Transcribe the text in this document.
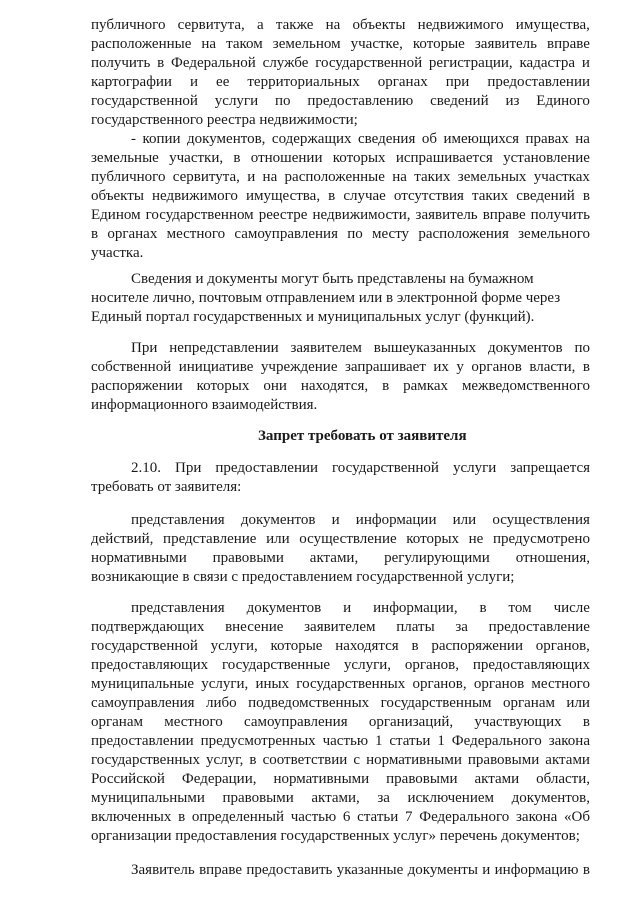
публичного сервитута, а также на объекты недвижимого имущества,
расположенные на таком земельном участке, которые заявитель вправе
получить в Федеральной службе государственной регистрации, кадастра и
картографии и ее территориальных органах при предоставлении
государственной услуги по предоставлению сведений из Единого
государственного реестра недвижимости;
- копии документов, содержащих сведения об имеющихся правах на
земельные участки, в отношении которых испрашивается установление
публичного сервитута, и на расположенные на таких земельных участках
объекты недвижимого имущества, в случае отсутствия таких сведений в
Едином государственном реестре недвижимости, заявитель вправе получить
в органах местного самоуправления по месту расположения земельного
участка.
Сведения и документы могут быть представлены на бумажном
носителе лично, почтовым отправлением или в электронной форме через
Единый портал государственных и муниципальных услуг (функций).
При непредставлении заявителем вышеуказанных документов по
собственной инициативе учреждение запрашивает их у органов власти, в
распоряжении которых они находятся, в рамках межведомственного
информационного взаимодействия.
Запрет требовать от заявителя
2.10. При предоставлении государственной услуги запрещается
требовать от заявителя:
представления документов и информации или осуществления
действий, представление или осуществление которых не предусмотрено
нормативными правовыми актами, регулирующими отношения,
возникающие в связи с предоставлением государственной услуги;
представления документов и информации, в том числе
подтверждающих внесение заявителем платы за предоставление
государственной услуги, которые находятся в распоряжении органов,
предоставляющих государственные услуги, органов, предоставляющих
муниципальные услуги, иных государственных органов, органов местного
самоуправления либо подведомственных государственным органам или
органам местного самоуправления организаций, участвующих в
предоставлении предусмотренных частью 1 статьи 1 Федерального закона
государственных услуг, в соответствии с нормативными правовыми актами
Российской Федерации, нормативными правовыми актами области,
муниципальными правовыми актами, за исключением документов,
включенных в определенный частью 6 статьи 7 Федерального закона «Об
организации предоставления государственных услуг» перечень документов;
Заявитель вправе предоставить указанные документы и информацию в
